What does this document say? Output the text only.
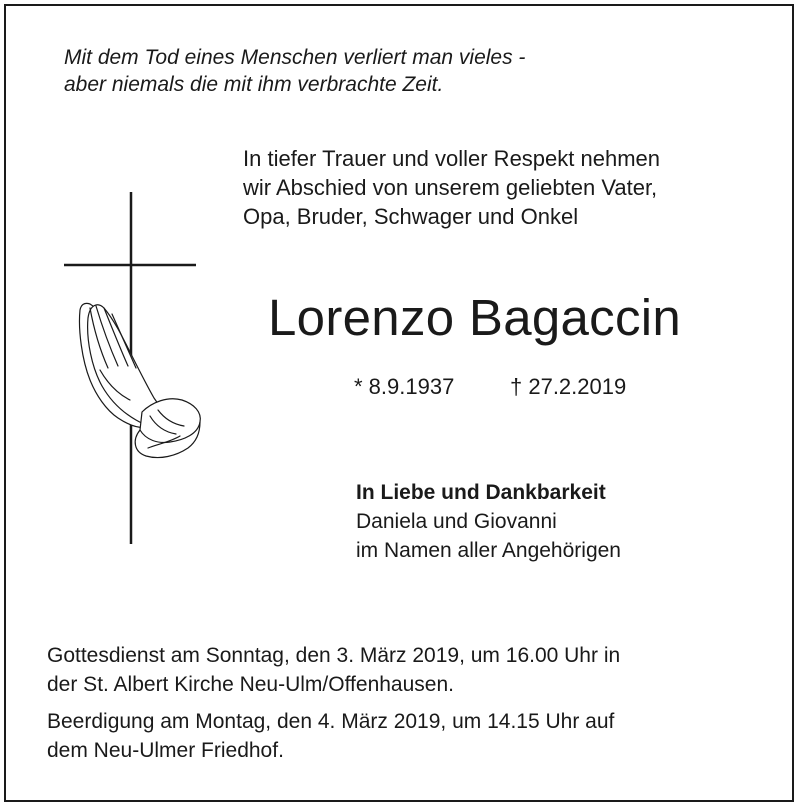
Mit dem Tod eines Menschen verliert man vieles -
aber niemals die mit ihm verbrachte Zeit.
In tiefer Trauer und voller Respekt nehmen
wir Abschied von unserem geliebten Vater,
Opa, Bruder, Schwager und Onkel
Lorenzo Bagaccin
* 8.9.1937	† 27.2.2019
In Liebe und Dankbarkeit
Daniela und Giovanni
im Namen aller Angehörigen

Gottesdienst am Sonntag, den 3. März 2019, um 16.00 Uhr in
der St. Albert Kirche Neu-Ulm/Offenhausen.

Beerdigung am Montag, den 4. März 2019, um 14.15 Uhr auf
dem Neu-Ulmer Friedhof.
